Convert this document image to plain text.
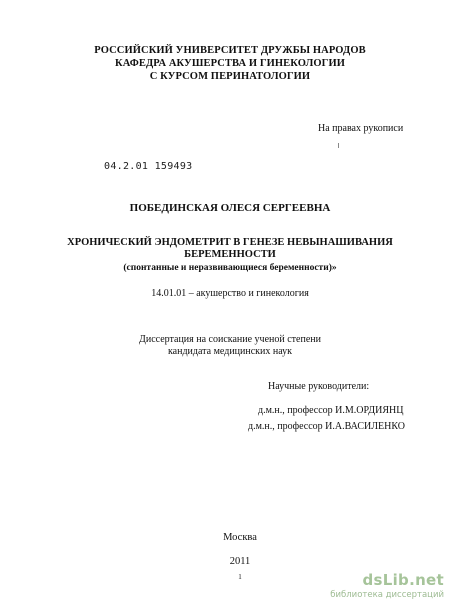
РОССИЙСКИЙ УНИВЕРСИТЕТ ДРУЖБЫ НАРОДОВ
КАФЕДРА АКУШЕРСТВА И ГИНЕКОЛОГИИ
С КУРСОМ ПЕРИНАТОЛОГИИ
На правах рукописи
04.2.01 159493
ПОБЕДИНСКАЯ ОЛЕСЯ СЕРГЕЕВНА
ХРОНИЧЕСКИЙ ЭНДОМЕТРИТ В ГЕНЕЗЕ НЕВЫНАШИВАНИЯ
БЕРЕМЕННОСТИ
(спонтанные и неразвивающиеся беременности)»
14.01.01 – акушерство и гинекология
Диссертация на соискание ученой степени
кандидата медицинских наук
Научные руководители:
д.м.н., профессор И.М.ОРДИЯНЦ
д.м.н., профессор И.А.ВАСИЛЕНКО
Москва
2011
1	dsLib.net
библиотека диссертаций
